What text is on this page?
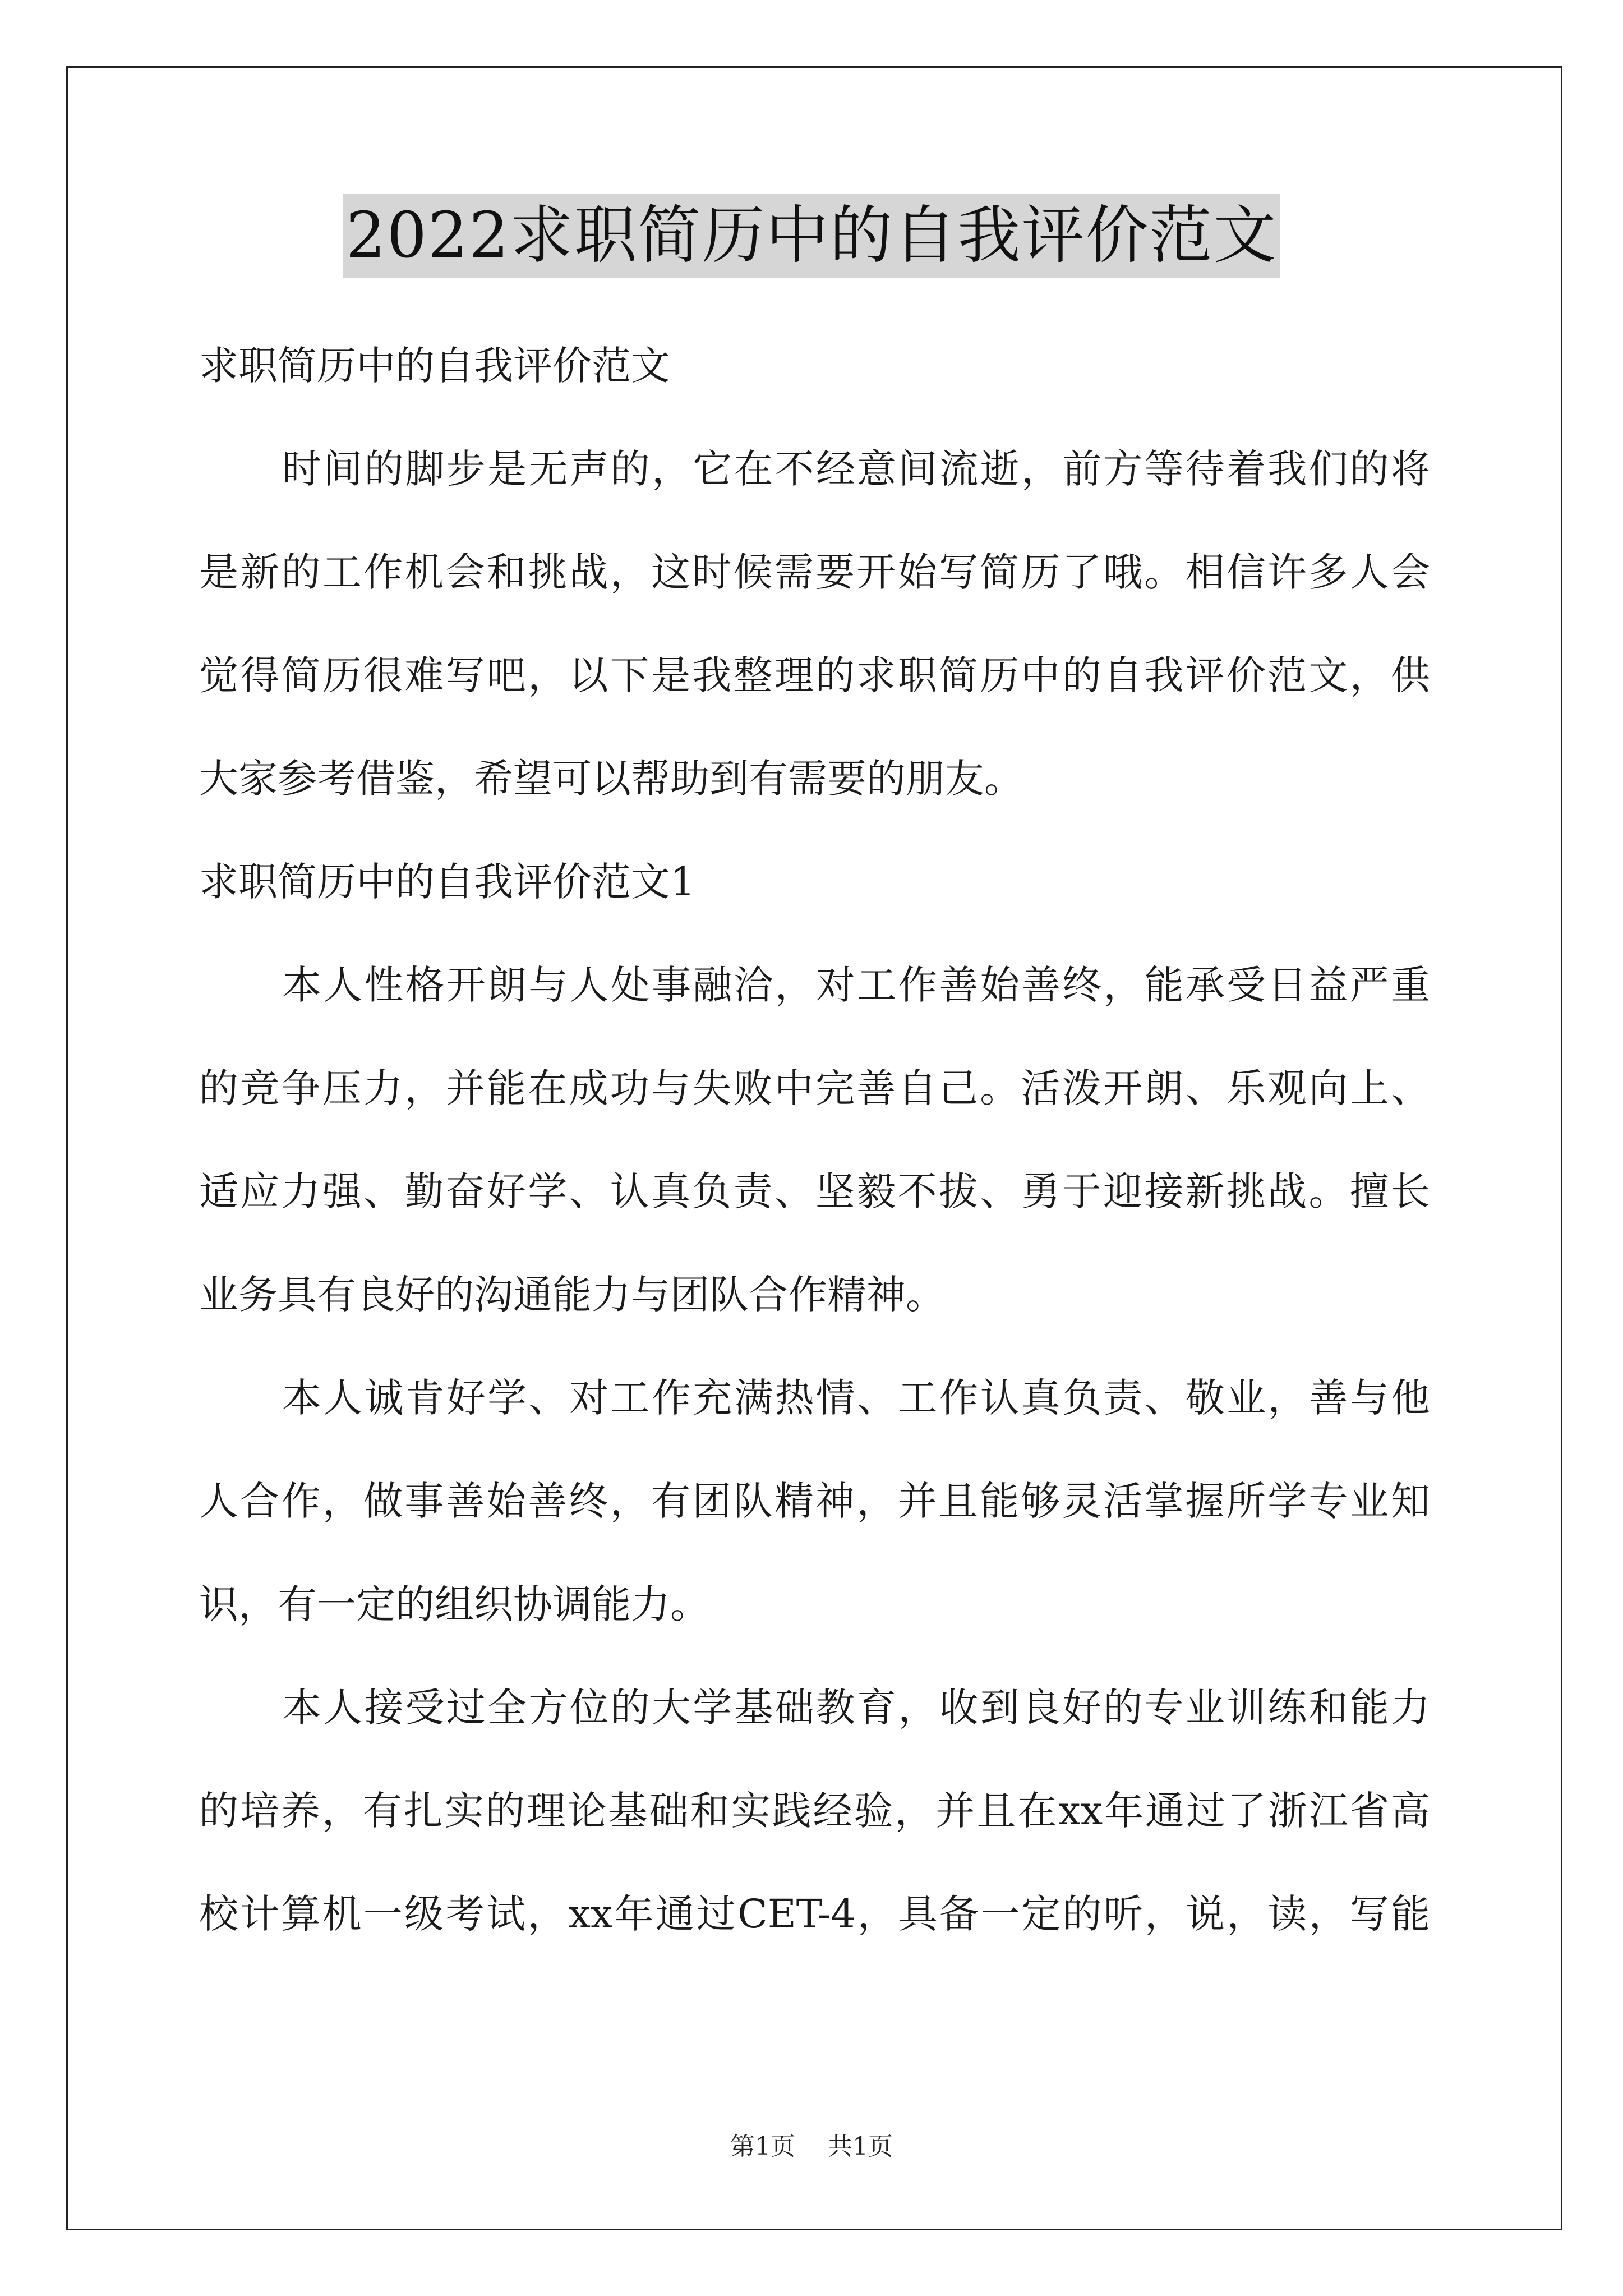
2022求职简历中的自我评价范文
求职简历中的自我评价范文
时间的脚步是无声的，它在不经意间流逝，前方等待着我们的将
是新的工作机会和挑战，这时候需要开始写简历了哦。相信许多人会
觉得简历很难写吧，以下是我整理的求职简历中的自我评价范文，供
大家参考借鉴，希望可以帮助到有需要的朋友。
求职简历中的自我评价范文1
本人性格开朗与人处事融洽，对工作善始善终，能承受日益严重
的竞争压力，并能在成功与失败中完善自己。活泼开朗、乐观向上、
适应力强、勤奋好学、认真负责、坚毅不拔、勇于迎接新挑战。擅长
业务具有良好的沟通能力与团队合作精神。
本人诚肯好学、对工作充满热情、工作认真负责、敬业，善与他
人合作，做事善始善终，有团队精神，并且能够灵活掌握所学专业知
识，有一定的组织协调能力。
本人接受过全方位的大学基础教育，收到良好的专业训练和能力
的培养，有扎实的理论基础和实践经验，并且在xx年通过了浙江省高
校计算机一级考试，xx年通过CET-4，具备一定的听，说，读，写能
第1页 共1页
